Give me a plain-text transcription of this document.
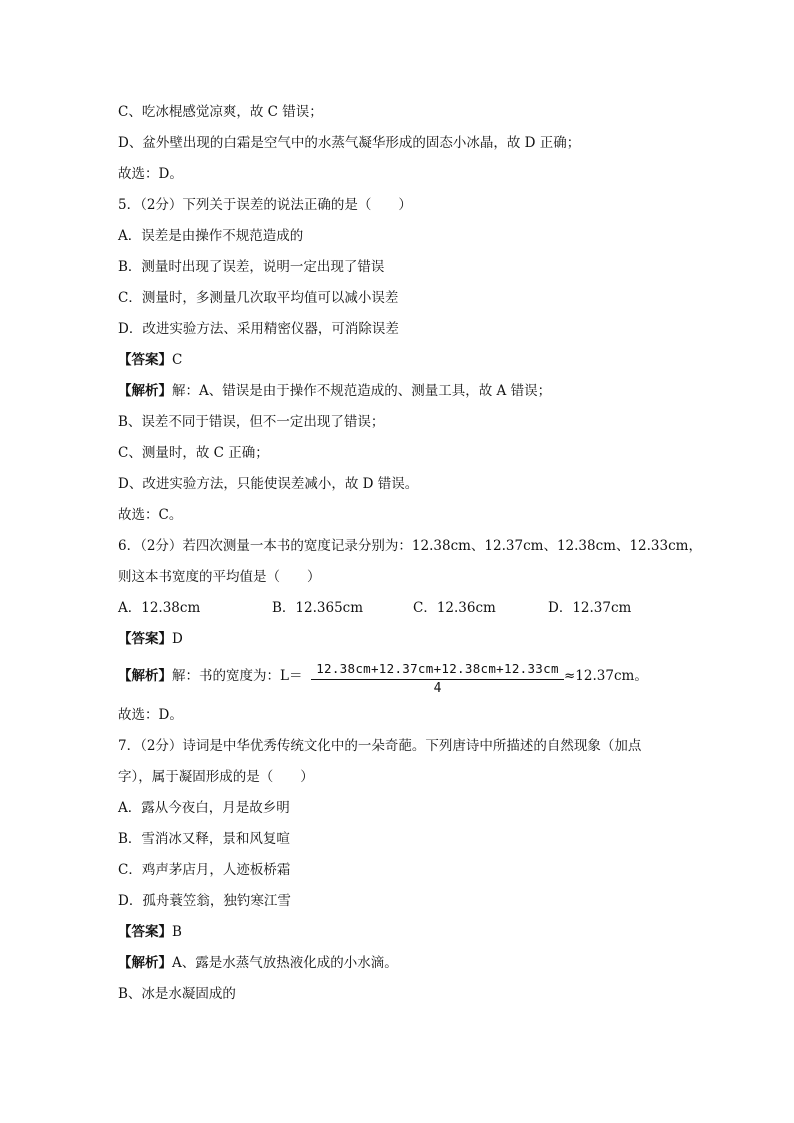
C、吃冰棍感觉凉爽，故 C 错误；
D、盆外壁出现的白霜是空气中的水蒸气凝华形成的固态小冰晶，故 D 正确；
故选：D。
5．（2分）下列关于误差的说法正确的是（　　）
A．误差是由操作不规范造成的
B．测量时出现了误差，说明一定出现了错误
C．测量时，多测量几次取平均值可以减小误差
D．改进实验方法、采用精密仪器，可消除误差
【答案】C
【解析】解：A、错误是由于操作不规范造成的、测量工具，故 A 错误；
B、误差不同于错误，但不一定出现了错误；
C、测量时，故 C 正确；
D、改进实验方法，只能使误差减小，故 D 错误。
故选：C。
6．（2分）若四次测量一本书的宽度记录分别为：12.38cm、12.37cm、12.38cm、12.33cm，
则这本书宽度的平均值是（　　）
A．12.38cm	B．12.365cm	C．12.36cm	D．12.37cm
【答案】D
【解析】解：书的宽度为：L＝	12.38cm+12.37cm+12.38cm+12.33cm
4
≈12.37cm。
故选：D。
7．（2分）诗词是中华优秀传统文化中的一朵奇葩。下列唐诗中所描述的自然现象（加点
字），属于凝固形成的是（　　）
A．露从今夜白，月是故乡明
B．雪消冰又释，景和风复喧
C．鸡声茅店月，人迹板桥霜
D．孤舟蓑笠翁，独钓寒江雪
【答案】B
【解析】A、露是水蒸气放热液化成的小水滴。
B、冰是水凝固成的
